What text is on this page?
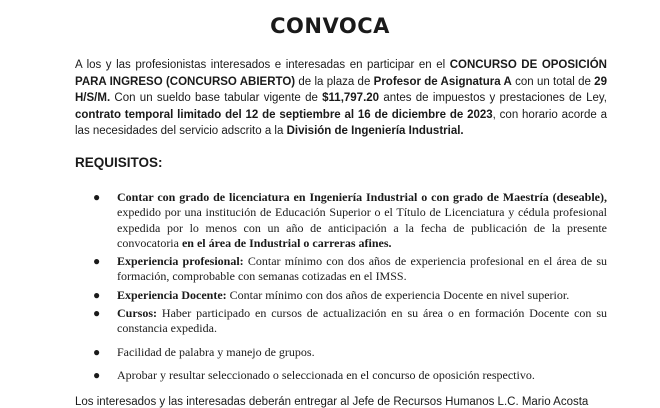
CONVOCA

A los y las profesionistas interesados e interesadas en participar en el CONCURSO DE OPOSICIÓN PARA INGRESO (CONCURSO ABIERTO) de la plaza de Profesor de Asignatura A con un total de 29 H/S/M. Con un sueldo base tabular vigente de $11,797.20 antes de impuestos y prestaciones de Ley, contrato temporal limitado del 12 de septiembre al 16 de diciembre de 2023, con horario acorde a las necesidades del servicio adscrito a la División de Ingeniería Industrial.

REQUISITOS:
● Contar con grado de licenciatura en Ingeniería Industrial o con grado de Maestría (deseable), expedido por una institución de Educación Superior o el Título de Licenciatura y cédula profesional expedida por lo menos con un año de anticipación a la fecha de publicación de la presente convocatoria en el área de Industrial o carreras afines.
● Experiencia profesional: Contar mínimo con dos años de experiencia profesional en el área de su formación, comprobable con semanas cotizadas en el IMSS.
● Experiencia Docente: Contar mínimo con dos años de experiencia Docente en nivel superior.
● Cursos: Haber participado en cursos de actualización en su área o en formación Docente con su constancia expedida.
● Facilidad de palabra y manejo de grupos.
● Aprobar y resultar seleccionado o seleccionada en el concurso de oposición respectivo.
Los interesados y las interesadas deberán entregar al Jefe de Recursos Humanos L.C. Mario Acosta
